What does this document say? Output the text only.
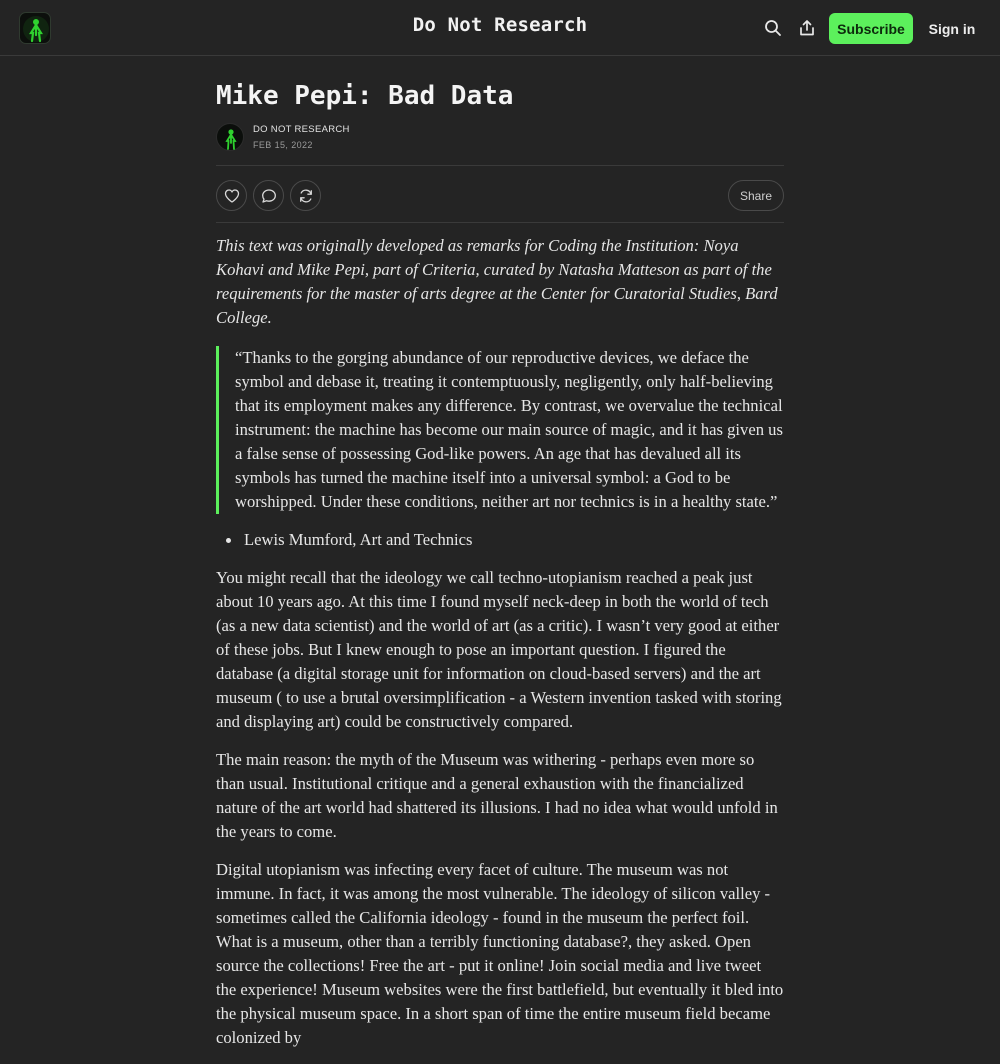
Do Not Research	Subscribe	Sign in
Mike Pepi: Bad Data
DO NOT RESEARCH
FEB 15, 2022
Share

This text was originally developed as remarks for Coding the Institution: Noya Kohavi and Mike Pepi, part of Criteria, curated by Natasha Matteson as part of the requirements for the master of arts degree at the Center for Curatorial Studies, Bard College.

“Thanks to the gorging abundance of our reproductive devices, we deface the symbol and debase it, treating it contemptuously, negligently, only half-believing that its employment makes any difference. By contrast, we overvalue the technical instrument: the machine has become our main source of magic, and it has given us a false sense of possessing God-like powers. An age that has devalued all its symbols has turned the machine itself into a universal symbol: a God to be worshipped. Under these conditions, neither art nor technics is in a healthy state.”
Lewis Mumford, Art and Technics

You might recall that the ideology we call techno-utopianism reached a peak just about 10 years ago. At this time I found myself neck-deep in both the world of tech (as a new data scientist) and the world of art (as a critic). I wasn’t very good at either of these jobs. But I knew enough to pose an important question. I figured the database (a digital storage unit for information on cloud-based servers) and the art museum ( to use a brutal oversimplification - a Western invention tasked with storing and displaying art) could be constructively compared.

The main reason: the myth of the Museum was withering - perhaps even more so than usual. Institutional critique and a general exhaustion with the financialized nature of the art world had shattered its illusions. I had no idea what would unfold in the years to come.

Digital utopianism was infecting every facet of culture. The museum was not immune. In fact, it was among the most vulnerable. The ideology of silicon valley - sometimes called the California ideology - found in the museum the perfect foil. What is a museum, other than a terribly functioning database?, they asked. Open source the collections! Free the art - put it online! Join social media and live tweet the experience! Museum websites were the first battlefield, but eventually it bled into the physical museum space. In a short span of time the entire museum field became colonized by
